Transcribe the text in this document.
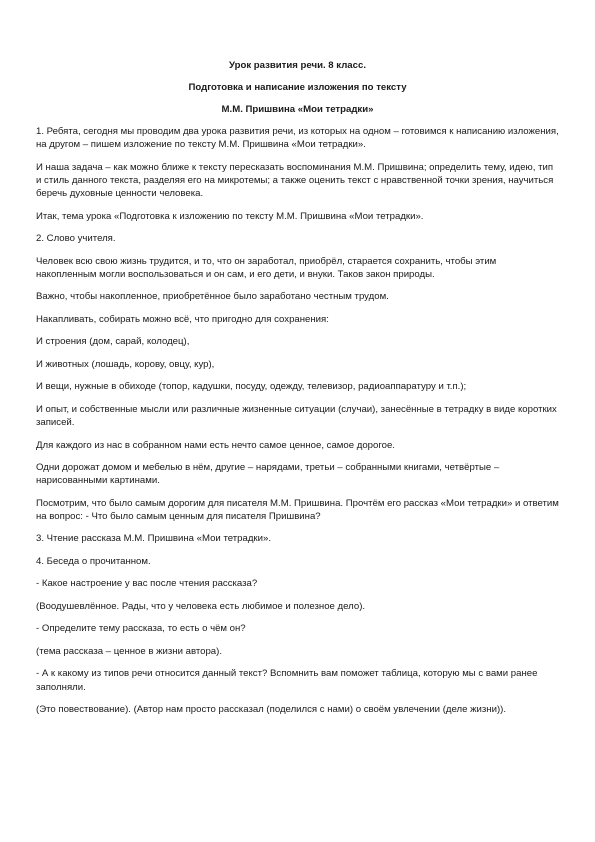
Урок развития речи. 8 класс.
Подготовка и написание изложения по тексту
М.М. Пришвина «Мои тетрадки»

1. Ребята, сегодня мы проводим два урока развития речи, из которых на одном – готовимся к написанию изложения, на другом – пишем изложение по тексту М.М. Пришвина «Мои тетрадки».

И наша задача – как можно ближе к тексту пересказать воспоминания М.М. Пришвина; определить тему, идею, тип и стиль данного текста, разделяя его на микротемы; а также оценить текст с нравственной точки зрения, научиться беречь духовные ценности человека.

Итак, тема урока «Подготовка к изложению по тексту М.М. Пришвина «Мои тетрадки».

2. Слово учителя.

Человек всю свою жизнь трудится, и то, что он заработал, приобрёл, старается сохранить, чтобы этим накопленным могли воспользоваться и он сам, и его дети, и внуки. Таков закон природы.

Важно, чтобы накопленное, приобретённое было заработано честным трудом.

Накапливать, собирать можно всё, что пригодно для сохранения:

И строения (дом, сарай, колодец),

И животных (лошадь, корову, овцу, кур),

И вещи, нужные в обиходе (топор, кадушки, посуду, одежду, телевизор, радиоаппаратуру и т.п.);

И опыт, и собственные мысли или различные жизненные ситуации (случаи), занесённые в тетрадку в виде коротких записей.

Для каждого из нас в собранном нами есть нечто самое ценное, самое дорогое.

Одни дорожат домом и мебелью в нём, другие – нарядами, третьи – собранными книгами, четвёртые – нарисованными картинами.

Посмотрим, что было самым дорогим для писателя М.М. Пришвина. Прочтём его рассказ «Мои тетрадки» и ответим на вопрос: - Что было самым ценным для писателя Пришвина?

3. Чтение рассказа М.М. Пришвина «Мои тетрадки».

4. Беседа о прочитанном.

- Какое настроение у вас после чтения рассказа?

(Воодушевлённое. Рады, что у человека есть любимое и полезное дело).

- Определите тему рассказа, то есть о чём он?

(тема рассказа – ценное в жизни автора).

- А к какому из типов речи относится данный текст? Вспомнить вам поможет таблица, которую мы с вами ранее заполняли.

(Это повествование). (Автор нам просто рассказал (поделился с нами) о своём увлечении (деле жизни)).
